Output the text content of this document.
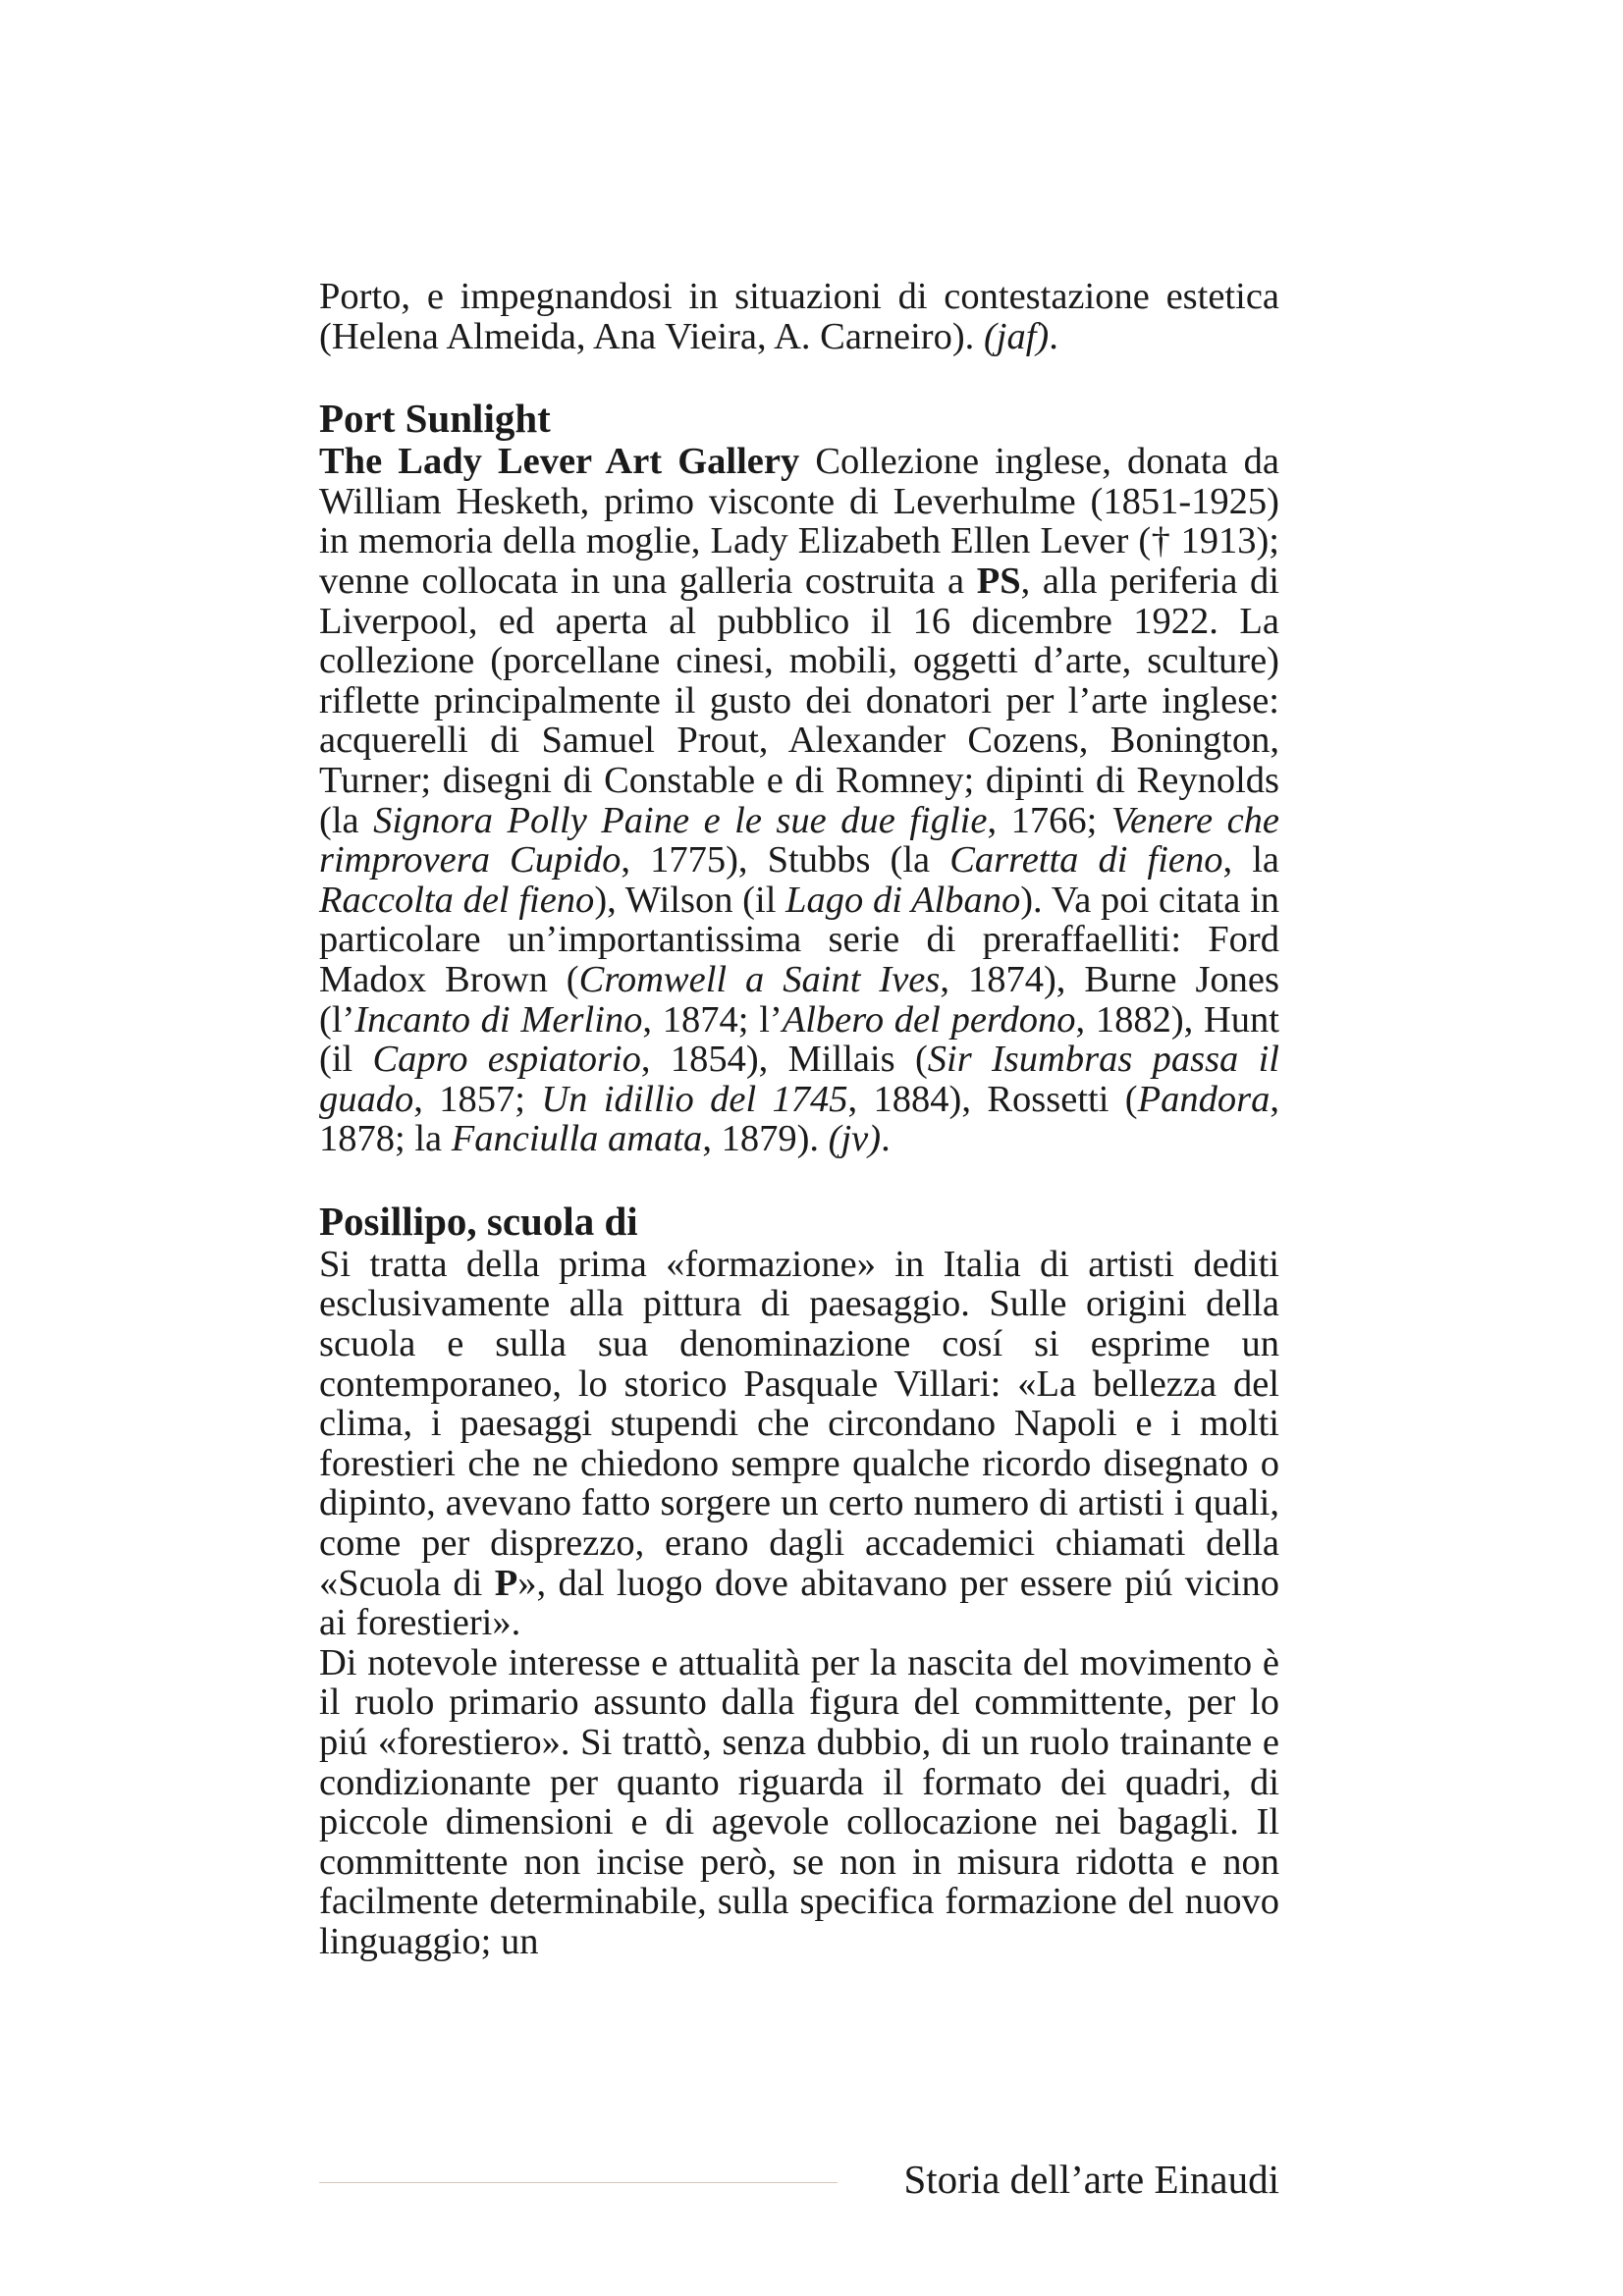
Porto, e impegnandosi in situazioni di contestazione estetica (Helena Almeida, Ana Vieira, A. Carneiro). (jaf).

Port Sunlight

The Lady Lever Art Gallery Collezione inglese, donata da William Hesketh, primo visconte di Leverhulme (1851-1925) in memoria della moglie, Lady Elizabeth Ellen Lever († 1913); venne collocata in una galleria costruita a PS, alla periferia di Liverpool, ed aperta al pubblico il 16 dicembre 1922. La collezione (porcellane cinesi, mobili, oggetti d’arte, sculture) riflette principalmente il gusto dei donatori per l’arte inglese: acquerelli di Samuel Prout, Alexander Cozens, Bonington, Turner; disegni di Constable e di Romney; dipinti di Reynolds (la Signora Polly Paine e le sue due figlie, 1766; Venere che rimprovera Cupido, 1775), Stubbs (la Carretta di fieno, la Raccolta del fieno), Wilson (il Lago di Albano). Va poi citata in particolare un’importantissima serie di preraffaelliti: Ford Madox Brown (Cromwell a Saint Ives, 1874), Burne Jones (l’Incanto di Merlino, 1874; l’Albero del perdono, 1882), Hunt (il Capro espiatorio, 1854), Millais (Sir Isumbras passa il guado, 1857; Un idillio del 1745, 1884), Rossetti (Pandora, 1878; la Fanciulla amata, 1879). (jv).

Posillipo, scuola di

Si tratta della prima «formazione» in Italia di artisti dediti esclusivamente alla pittura di paesaggio. Sulle origini della scuola e sulla sua denominazione cosí si esprime un contemporaneo, lo storico Pasquale Villari: «La bellezza del clima, i paesaggi stupendi che circondano Napoli e i molti forestieri che ne chiedono sempre qualche ricordo disegnato o dipinto, avevano fatto sorgere un certo numero di artisti i quali, come per disprezzo, erano dagli accademici chiamati della «Scuola di P», dal luogo dove abitavano per essere piú vicino ai forestieri».

Di notevole interesse e attualità per la nascita del movimento è il ruolo primario assunto dalla figura del committente, per lo piú «forestiero». Si trattò, senza dubbio, di un ruolo trainante e condizionante per quanto riguarda il formato dei quadri, di piccole dimensioni e di agevole collocazione nei bagagli. Il committente non incise però, se non in misura ridotta e non facilmente determinabile, sulla specifica formazione del nuovo linguaggio; un

Storia dell’arte Einaudi
